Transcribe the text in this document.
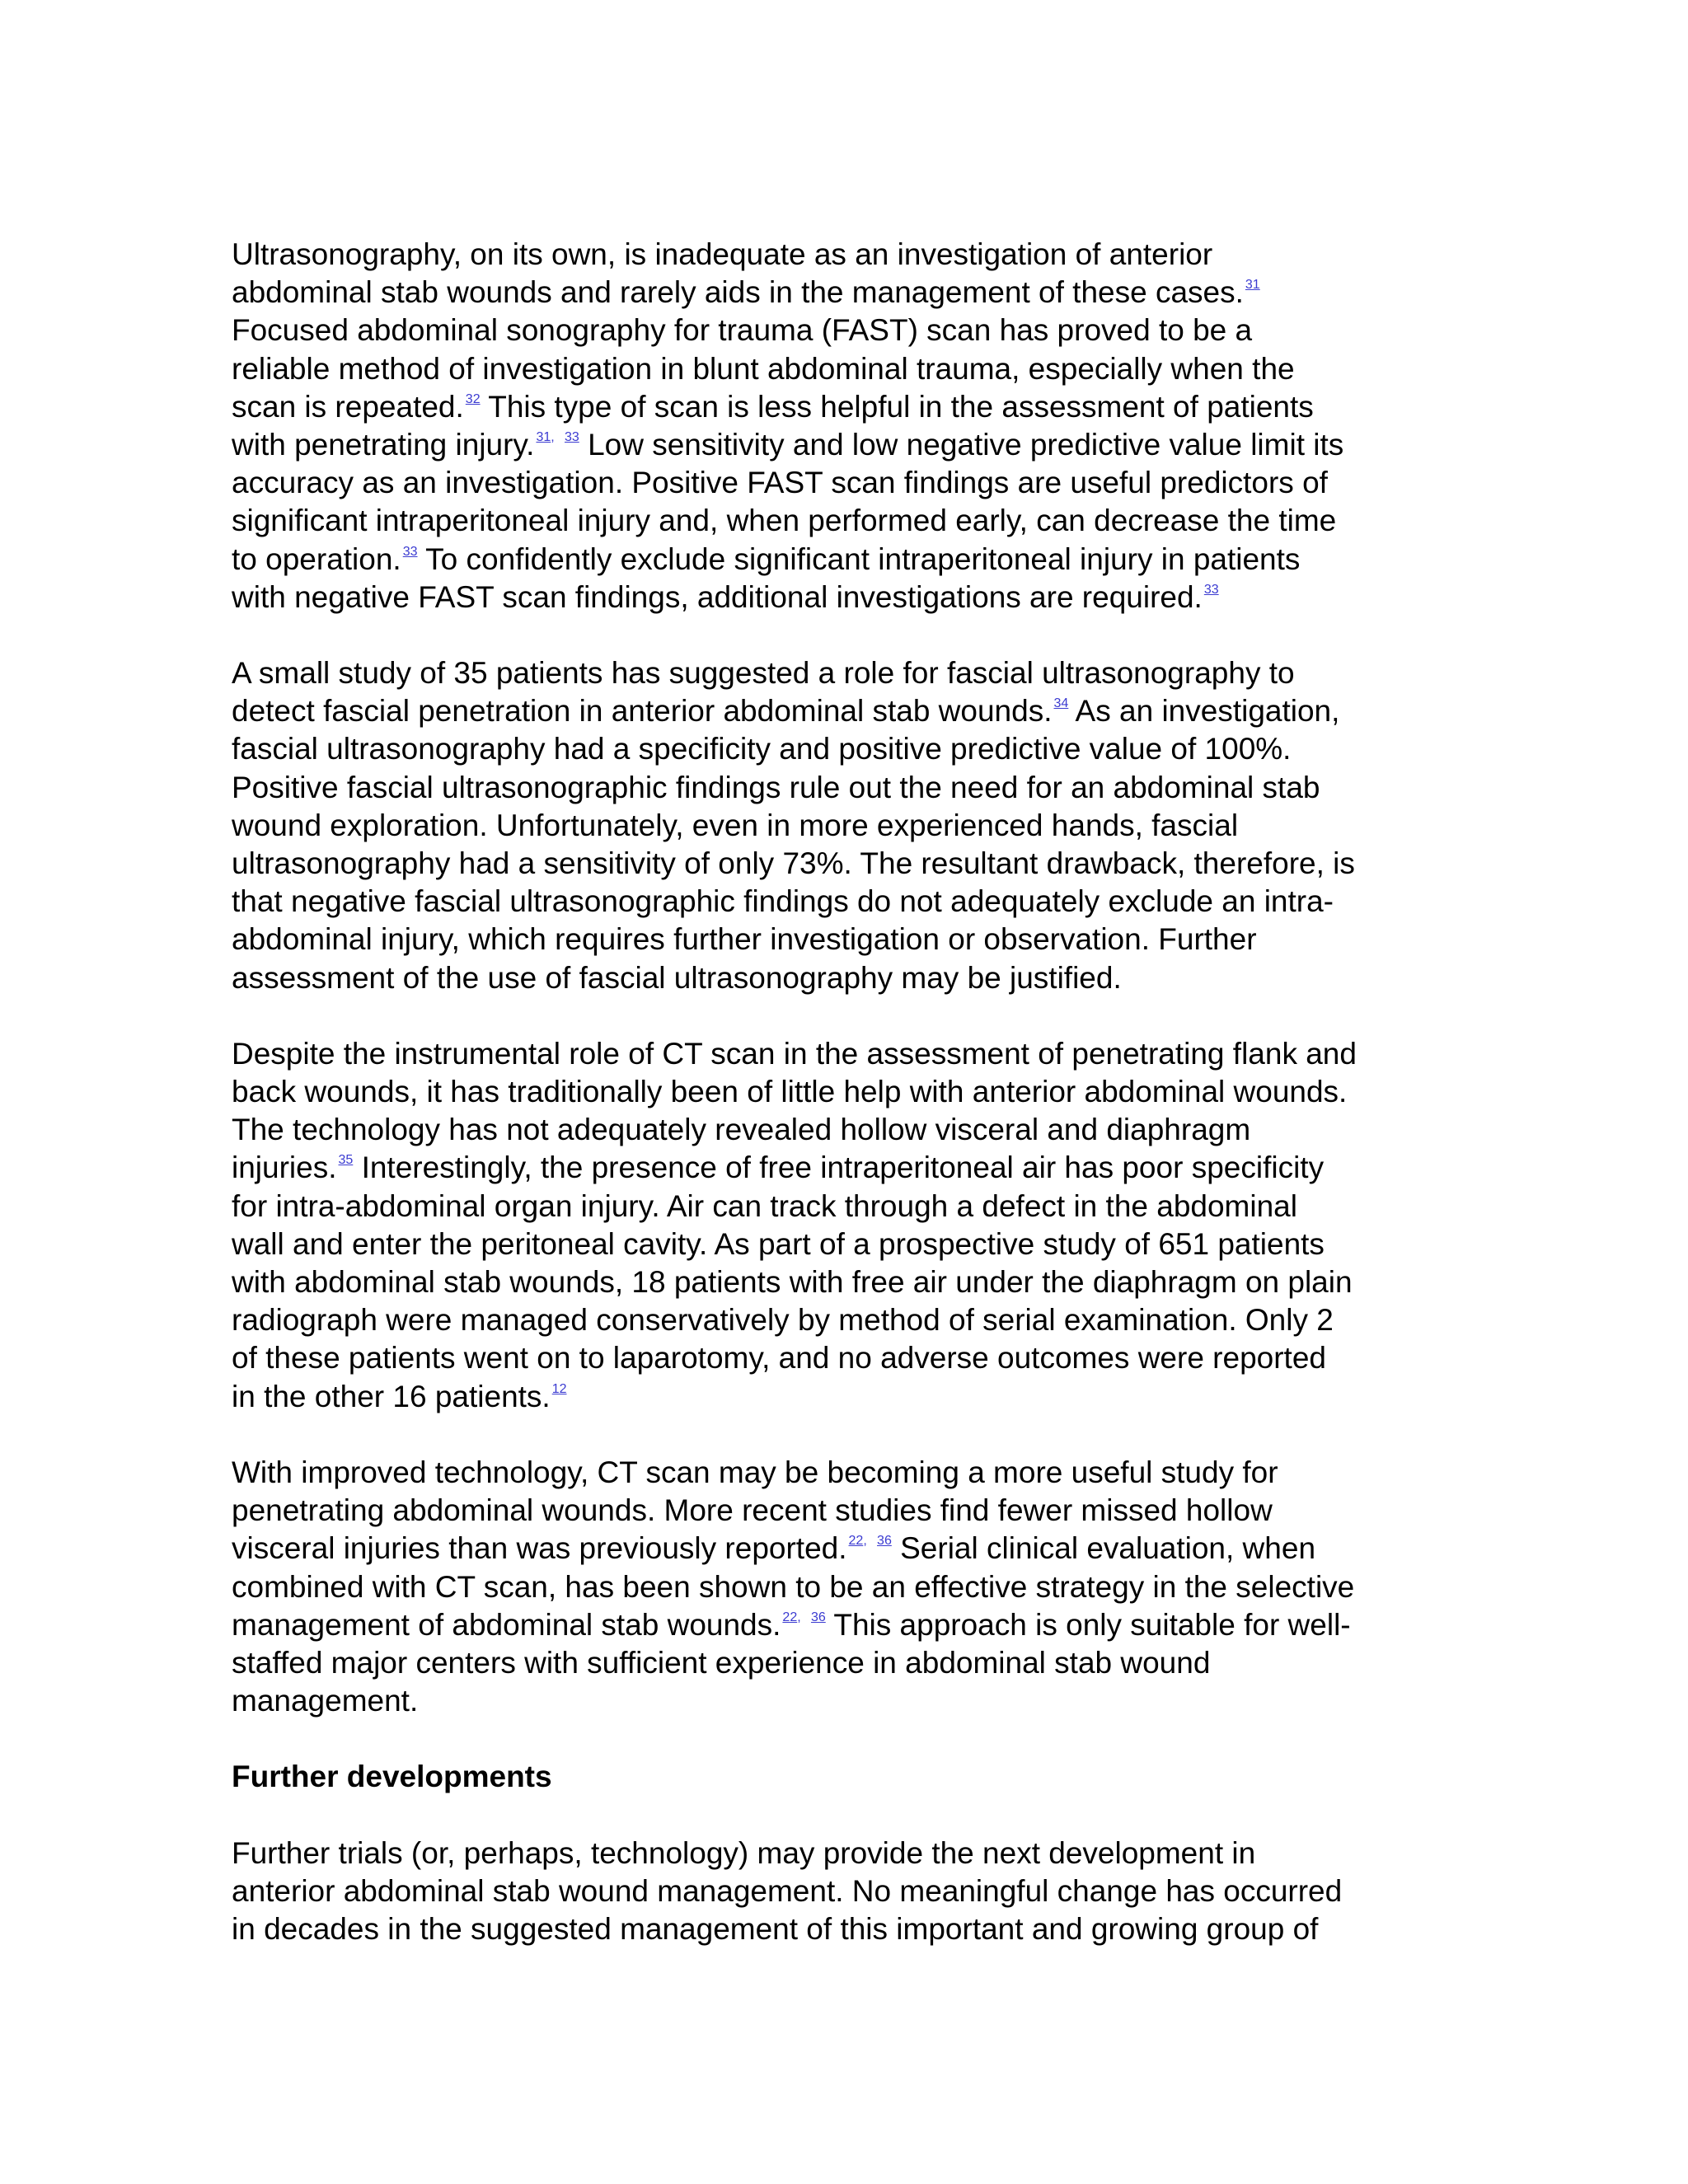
Ultrasonography, on its own, is inadequate as an investigation of anterior
abdominal stab wounds and rarely aids in the management of these cases. $^{31}$
Focused abdominal sonography for trauma (FAST) scan has proved to be a
reliable method of investigation in blunt abdominal trauma, especially when the
scan is repeated. $^{32}$ This type of scan is less helpful in the assessment of patients
with penetrating injury. $^{31,}$ $^{33}$ Low sensitivity and low negative predictive value limit its
accuracy as an investigation. Positive FAST scan findings are useful predictors of
significant intraperitoneal injury and, when performed early, can decrease the time
to operation. $^{33}$ To confidently exclude significant intraperitoneal injury in patients
with negative FAST scan findings, additional investigations are required. $^{33}$

A small study of 35 patients has suggested a role for fascial ultrasonography to
detect fascial penetration in anterior abdominal stab wounds. $^{34}$ As an investigation,
fascial ultrasonography had a specificity and positive predictive value of 100%.
Positive fascial ultrasonographic findings rule out the need for an abdominal stab
wound exploration. Unfortunately, even in more experienced hands, fascial
ultrasonography had a sensitivity of only 73%. The resultant drawback, therefore, is
that negative fascial ultrasonographic findings do not adequately exclude an intra-
abdominal injury, which requires further investigation or observation. Further
assessment of the use of fascial ultrasonography may be justified.

Despite the instrumental role of CT scan in the assessment of penetrating flank and
back wounds, it has traditionally been of little help with anterior abdominal wounds.
The technology has not adequately revealed hollow visceral and diaphragm
injuries. $^{35}$ Interestingly, the presence of free intraperitoneal air has poor specificity
for intra-abdominal organ injury. Air can track through a defect in the abdominal
wall and enter the peritoneal cavity. As part of a prospective study of 651 patients
with abdominal stab wounds, 18 patients with free air under the diaphragm on plain
radiograph were managed conservatively by method of serial examination. Only 2
of these patients went on to laparotomy, and no adverse outcomes were reported
in the other 16 patients. $^{12}$

With improved technology, CT scan may be becoming a more useful study for
penetrating abdominal wounds. More recent studies find fewer missed hollow
visceral injuries than was previously reported. $^{22,}$ $^{36}$ Serial clinical evaluation, when
combined with CT scan, has been shown to be an effective strategy in the selective
management of abdominal stab wounds. $^{22,}$ $^{36}$ This approach is only suitable for well-
staffed major centers with sufficient experience in abdominal stab wound
management.

Further developments

Further trials (or, perhaps, technology) may provide the next development in
anterior abdominal stab wound management. No meaningful change has occurred
in decades in the suggested management of this important and growing group of
